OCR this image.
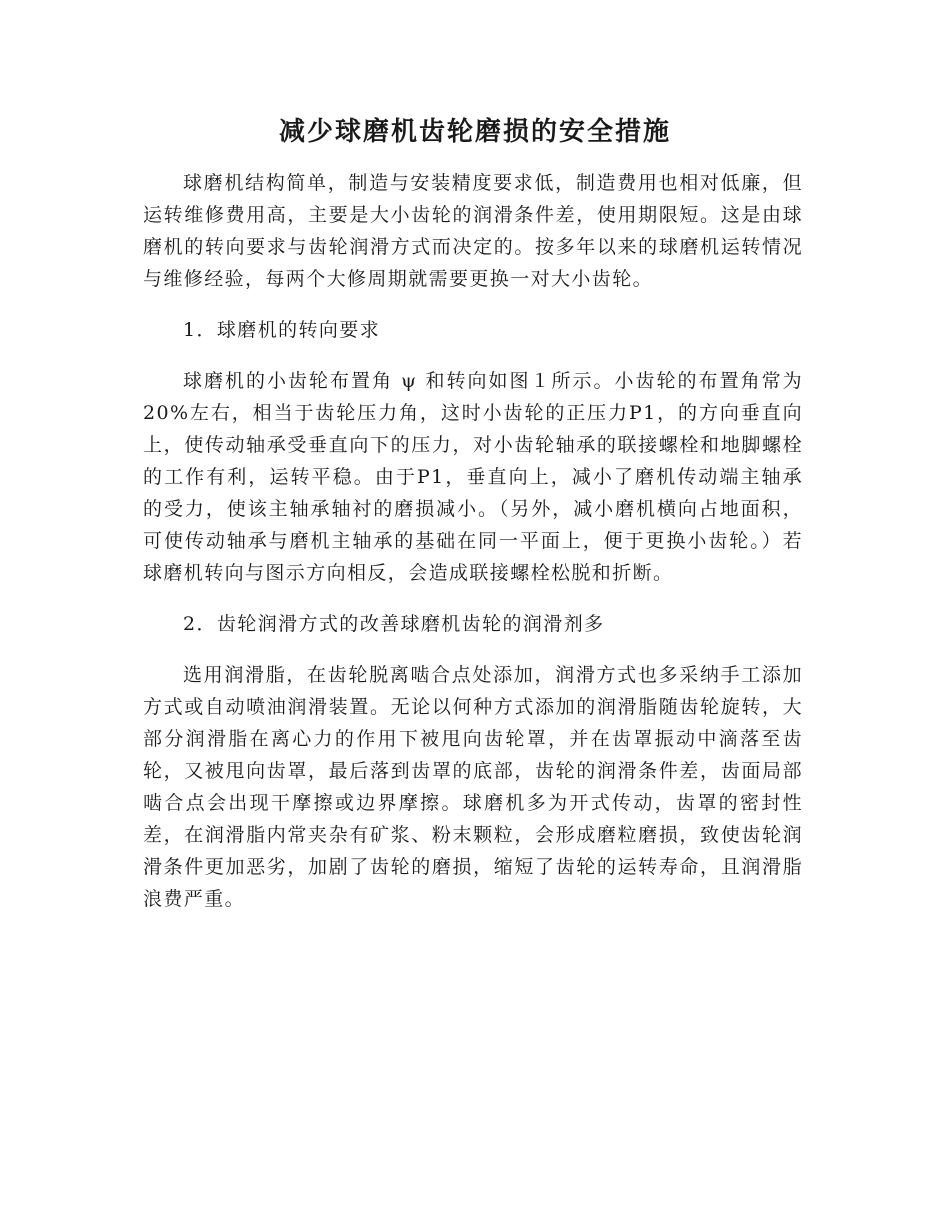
减少球磨机齿轮磨损的安全措施

球磨机结构简单，制造与安装精度要求低，制造费用也相对低廉，但运转维修费用高，主要是大小齿轮的润滑条件差，使用期限短。这是由球磨机的转向要求与齿轮润滑方式而决定的。按多年以来的球磨机运转情况与维修经验，每两个大修周期就需要更换一对大小齿轮。

1．球磨机的转向要求

球磨机的小齿轮布置角 ψ 和转向如图１所示。小齿轮的布置角常为20%左右，相当于齿轮压力角，这时小齿轮的正压力P1，的方向垂直向上，使传动轴承受垂直向下的压力，对小齿轮轴承的联接螺栓和地脚螺栓的工作有利，运转平稳。由于P1，垂直向上，减小了磨机传动端主轴承的受力，使该主轴承轴衬的磨损减小。（另外，减小磨机横向占地面积，可使传动轴承与磨机主轴承的基础在同一平面上，便于更换小齿轮。）若球磨机转向与图示方向相反，会造成联接螺栓松脱和折断。

2．齿轮润滑方式的改善球磨机齿轮的润滑剂多

选用润滑脂，在齿轮脱离啮合点处添加，润滑方式也多采纳手工添加方式或自动喷油润滑装置。无论以何种方式添加的润滑脂随齿轮旋转，大部分润滑脂在离心力的作用下被甩向齿轮罩，并在齿罩振动中滴落至齿轮，又被甩向齿罩，最后落到齿罩的底部，齿轮的润滑条件差，齿面局部啮合点会出现干摩擦或边界摩擦。球磨机多为开式传动，齿罩的密封性差，在润滑脂内常夹杂有矿浆、粉末颗粒，会形成磨粒磨损，致使齿轮润滑条件更加恶劣，加剧了齿轮的磨损，缩短了齿轮的运转寿命，且润滑脂浪费严重。
